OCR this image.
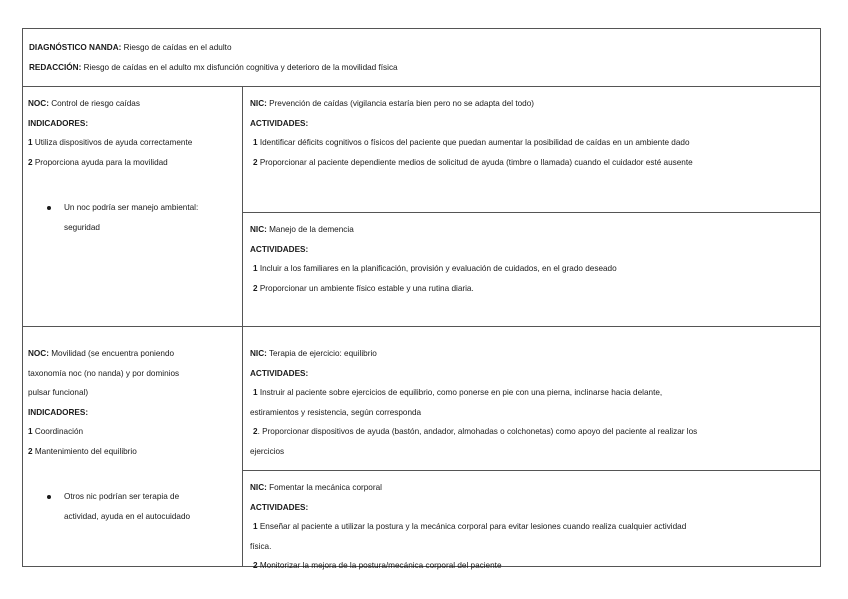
DIAGNÓSTICO NANDA: Riesgo de caídas en el adulto
REDACCIÓN: Riesgo de caídas en el adulto mx disfunción cognitiva y deterioro de la movilidad física
NOC: Control de riesgo caídas
INDICADORES:
1 Utiliza dispositivos de ayuda correctamente
2 Proporciona ayuda para la movilidad
Un noc podría ser manejo ambiental:
seguridad
NIC: Prevención de caídas (vigilancia estaría bien pero no se adapta del todo)
ACTIVIDADES:
1 Identificar déficits cognitivos o físicos del paciente que puedan aumentar la posibilidad de caídas en un ambiente dado
2 Proporcionar al paciente dependiente medios de solicitud de ayuda (timbre o llamada) cuando el cuidador esté ausente
NIC: Manejo de la demencia
ACTIVIDADES:
1 Incluir a los familiares en la planificación, provisión y evaluación de cuidados, en el grado deseado
2 Proporcionar un ambiente físico estable y una rutina diaria.
NOC: Movilidad (se encuentra poniendo
taxonomía noc (no nanda) y por dominios
pulsar funcional)
INDICADORES:
1 Coordinación
2 Mantenimiento del equilibrio
Otros nic podrían ser terapia de
actividad, ayuda en el autocuidado
NIC: Terapia de ejercicio: equilibrio
ACTIVIDADES:
1 Instruir al paciente sobre ejercicios de equilibrio, como ponerse en pie con una pierna, inclinarse hacia delante,
estiramientos y resistencia, según corresponda
2. Proporcionar dispositivos de ayuda (bastón, andador, almohadas o colchonetas) como apoyo del paciente al realizar los
ejercicios
NIC: Fomentar la mecánica corporal
ACTIVIDADES:
1 Enseñar al paciente a utilizar la postura y la mecánica corporal para evitar lesiones cuando realiza cualquier actividad
física.
2 Monitorizar la mejora de la postura/mecánica corporal del paciente
